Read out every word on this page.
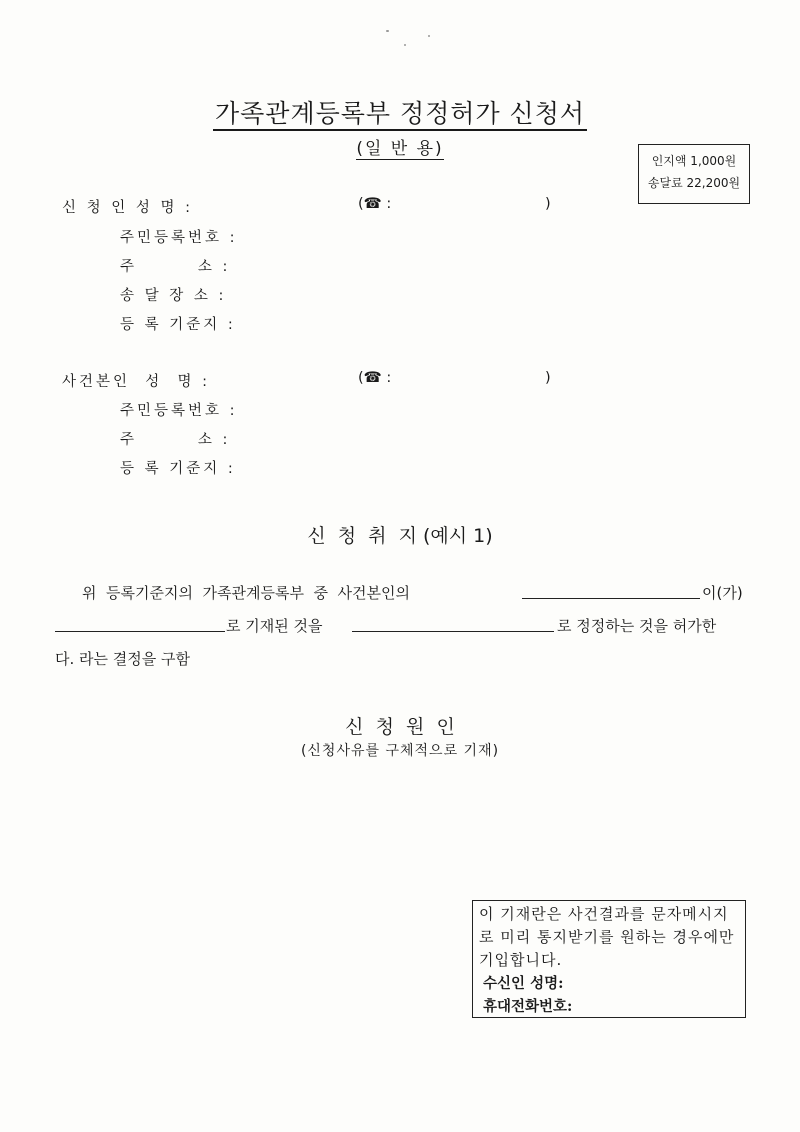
가족관계등록부 정정허가 신청서
(일 반 용)
인지액 1,000원
송달료 22,200원
신 청 인 성 명 :	(☎ :	)
주민등록번호 :
주        소 :
송 달 장 소 :
등 록 기준지 :
사건본인  성  명 :	(☎ :	)
주민등록번호 :
주        소 :
등 록 기준지 :
신  청  취  지 (예시 1)
위  등록기준지의  가족관계등록부  중  사건본인의	이(가)
로 기재된 것을	로 정정하는 것을 허가한
다. 라는 결정을 구함
신  청  원  인
(신청사유를 구체적으로 기재)
이 기재란은 사건결과를 문자메시지로 미리 통지받기를 원하는 경우에만 기입합니다.
수신인 성명:
휴대전화번호:
